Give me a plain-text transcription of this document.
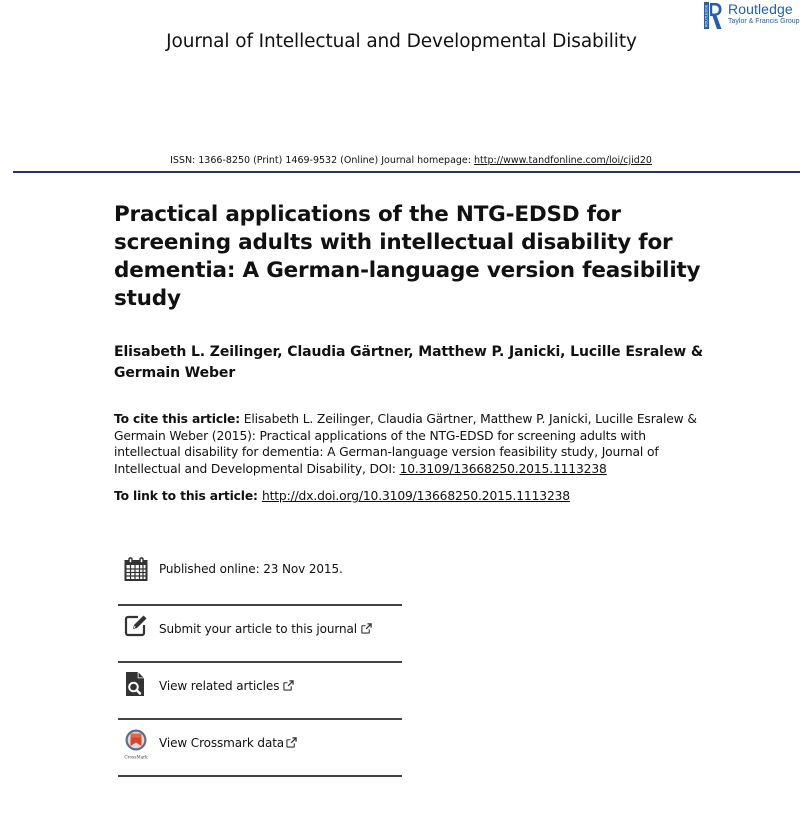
ROUTLEDGE Routledge
Taylor & Francis Group
Journal of Intellectual and Developmental Disability
ISSN: 1366-8250 (Print) 1469-9532 (Online) Journal homepage: http://www.tandfonline.com/loi/cjid20
Practical applications of the NTG-EDSD for screening adults with intellectual disability for dementia: A German-language version feasibility study
Elisabeth L. Zeilinger, Claudia Gärtner, Matthew P. Janicki, Lucille Esralew & Germain Weber
To cite this article: Elisabeth L. Zeilinger, Claudia Gärtner, Matthew P. Janicki, Lucille Esralew & Germain Weber (2015): Practical applications of the NTG-EDSD for screening adults with intellectual disability for dementia: A German-language version feasibility study, Journal of Intellectual and Developmental Disability, DOI: 10.3109/13668250.2015.1113238
To link to this article: http://dx.doi.org/10.3109/13668250.2015.1113238
Published online: 23 Nov 2015.
Submit your article to this journal
View related articles
CrossMark
View Crossmark data
